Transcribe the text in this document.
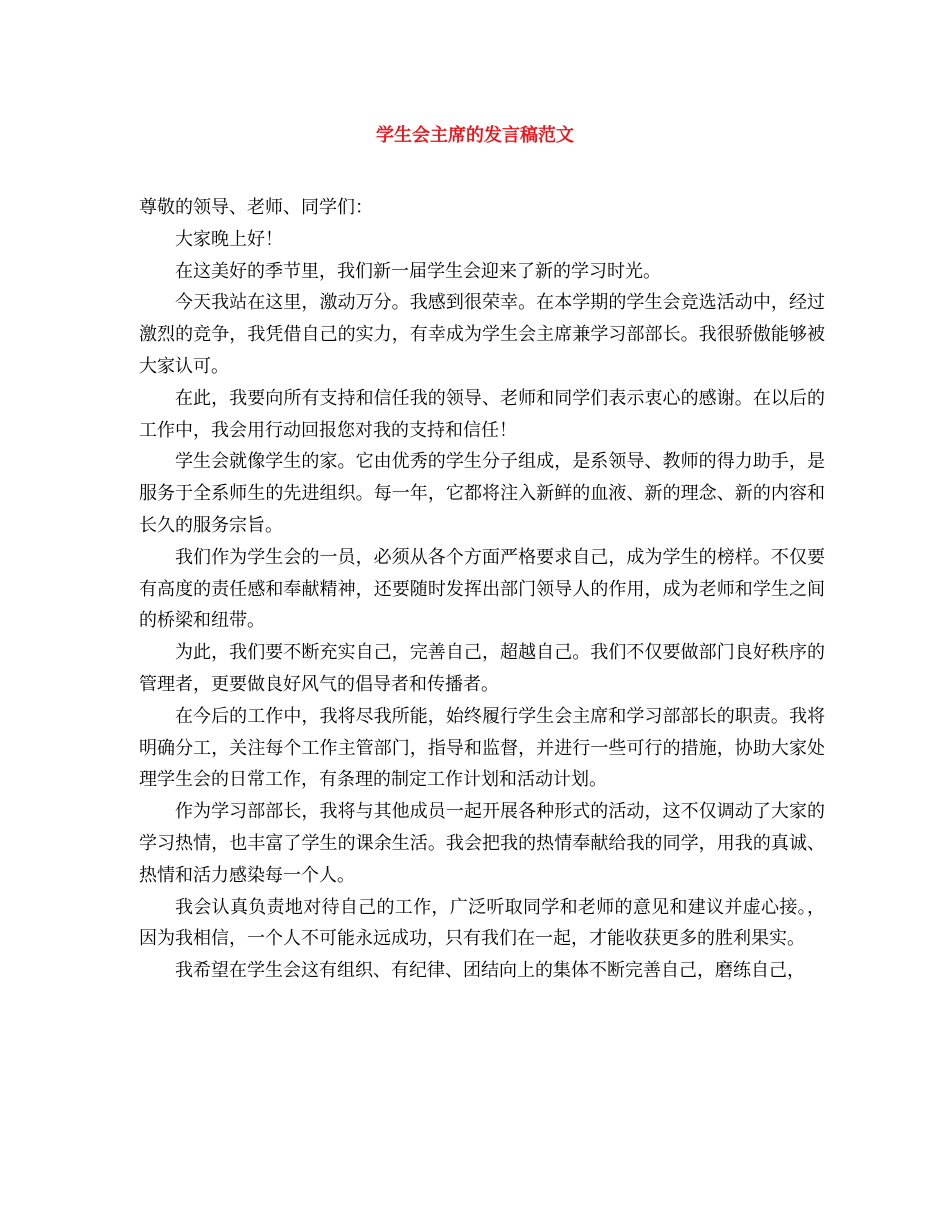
学生会主席的发言稿范文

尊敬的领导、老师、同学们：

大家晚上好！

在这美好的季节里，我们新一届学生会迎来了新的学习时光。

今天我站在这里，激动万分。我感到很荣幸。在本学期的学生会竞选活动中，经过激烈的竞争，我凭借自己的实力，有幸成为学生会主席兼学习部部长。我很骄傲能够被大家认可。

在此，我要向所有支持和信任我的领导、老师和同学们表示衷心的感谢。在以后的工作中，我会用行动回报您对我的支持和信任！

学生会就像学生的家。它由优秀的学生分子组成，是系领导、教师的得力助手，是服务于全系师生的先进组织。每一年，它都将注入新鲜的血液、新的理念、新的内容和长久的服务宗旨。

我们作为学生会的一员，必须从各个方面严格要求自己，成为学生的榜样。不仅要有高度的责任感和奉献精神，还要随时发挥出部门领导人的作用，成为老师和学生之间的桥梁和纽带。

为此，我们要不断充实自己，完善自己，超越自己。我们不仅要做部门良好秩序的管理者，更要做良好风气的倡导者和传播者。

在今后的工作中，我将尽我所能，始终履行学生会主席和学习部部长的职责。我将明确分工，关注每个工作主管部门，指导和监督，并进行一些可行的措施，协助大家处理学生会的日常工作，有条理的制定工作计划和活动计划。

作为学习部部长，我将与其他成员一起开展各种形式的活动，这不仅调动了大家的学习热情，也丰富了学生的课余生活。我会把我的热情奉献给我的同学，用我的真诚、热情和活力感染每一个人。

我会认真负责地对待自己的工作，广泛听取同学和老师的意见和建议并虚心接。，因为我相信，一个人不可能永远成功，只有我们在一起，才能收获更多的胜利果实。

我希望在学生会这有组织、有纪律、团结向上的集体不断完善自己，磨练自己，
